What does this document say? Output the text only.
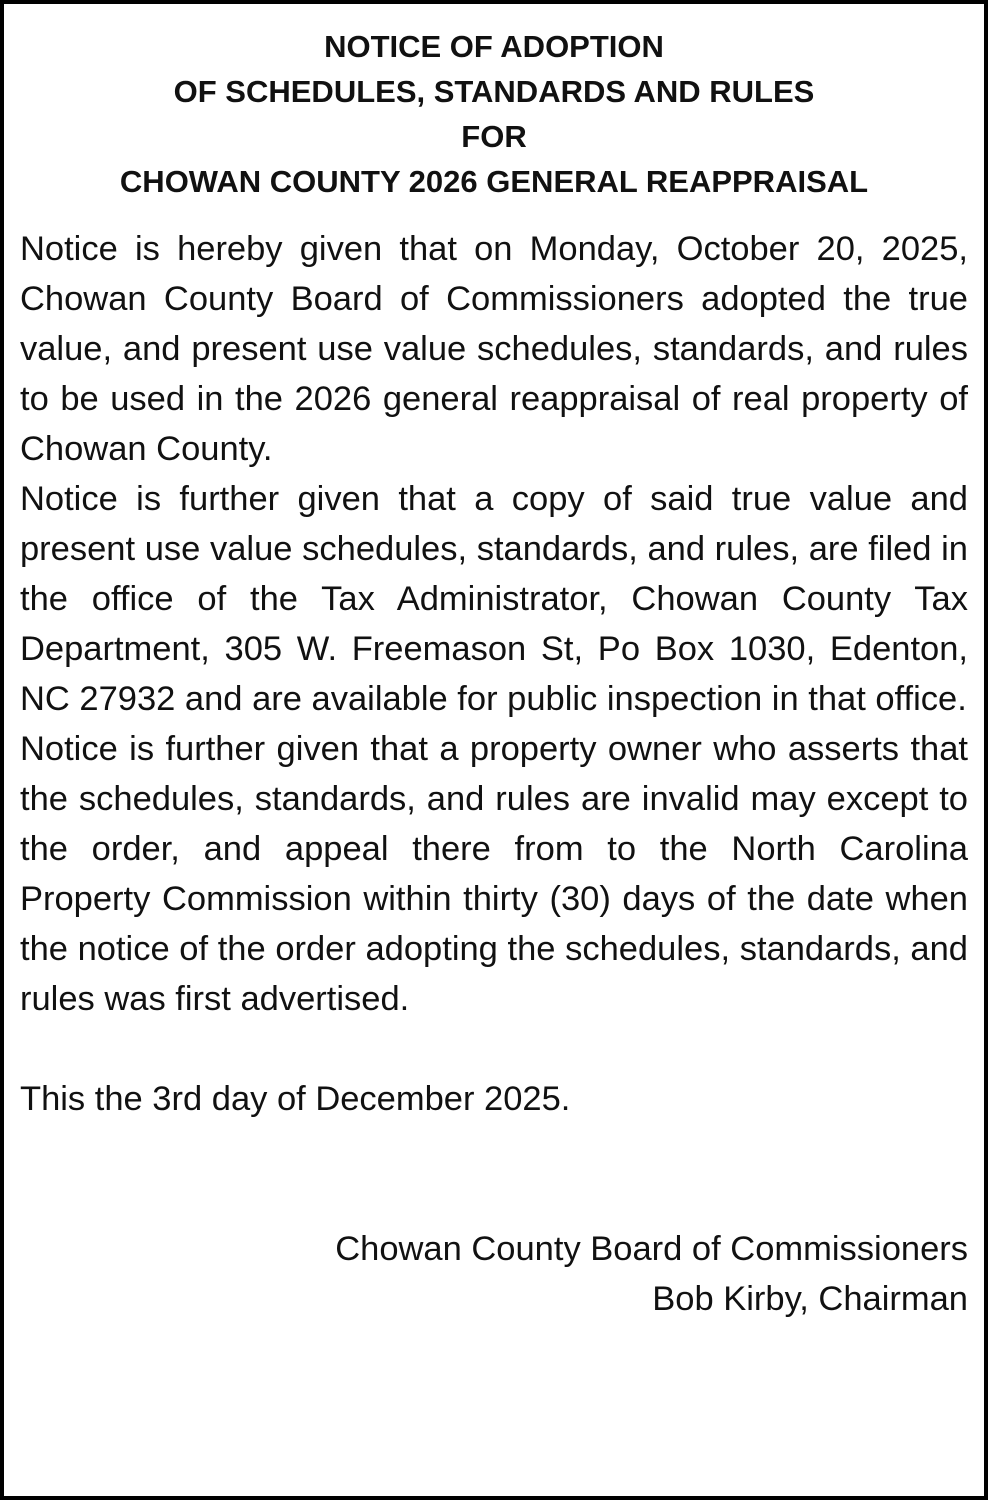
NOTICE OF ADOPTION
OF SCHEDULES, STANDARDS AND RULES
FOR
CHOWAN COUNTY 2026 GENERAL REAPPRAISAL

Notice is hereby given that on Monday, October 20, 2025, Chowan County Board of Commissioners adopted the true value, and present use value schedules, standards, and rules to be used in the 2026 general reappraisal of real property of Chowan County.

Notice is further given that a copy of said true value and present use value schedules, standards, and rules, are filed in the office of the Tax Administrator, Chowan County Tax Department, 305 W. Freemason St, Po Box 1030, Edenton, NC 27932 and are available for public inspection in that office.

Notice is further given that a property owner who asserts that the schedules, standards, and rules are invalid may except to the order, and appeal there from to the North Carolina Property Commission within thirty (30) days of the date when the notice of the order adopting the schedules, standards, and rules was first advertised.

This the 3rd day of December 2025.

Chowan County Board of Commissioners
Bob Kirby, Chairman
